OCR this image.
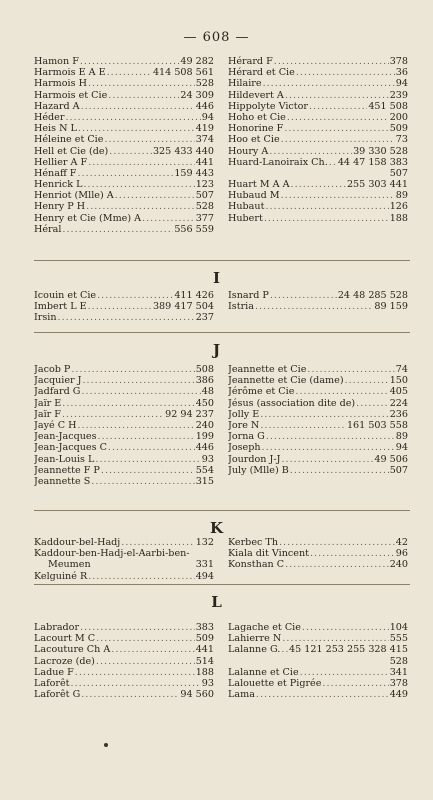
— 608 —
Hamon F .....	49 282
Harmois E A E .....	414 508 561
Harmois H .....	528
Harmois et Cie .....	24 309
Hazard A .....	446
Héder .....	94
Heis N L .....	419
Héleine et Cie .....	374
Hell et Cie (de) .....	325 433 440
Hellier A F .....	441
Hénaff F .....	159 443
Henrick L .....	123
Henriot (Mlle) A .....	507
Henry P H .....	528
Henry et Cie (Mme) A .....	377
Héral .....	556 559
Hérard F .....	378
Hérard et Cie .....	36
Hilaire .....	94
Hildevert A .....	239
Hippolyte Victor .....	451 508
Hoho et Cie .....	200
Honorine F .....	509
Hoo et Cie .....	73
Houry A .....	39 330 528
Huard-Lanoiraix Ch. ..... 44 47 158 383
507
Huart M A A .....	255 303 441
Hubaud M .....	89
Hubaut .....	126
Hubert .....	188
I
Icouin et Cie .....	411 426
Imbert L E .....	389 417 504
Irsin .....	237
Isnard P .....	24 48 285 528
Istria .....	89 159
J
Jacob P .....	508
Jacquier J .....	386
Jadfard G .....	48
Jaïr E .....	450
Jaïr F .....	92 94 237
Jayé C H .....	240
Jean-Jacques .....	199
Jean-Jacques C .....	446
Jean-Louis L .....	93
Jeannette F P .....	554
Jeannette S .....	315
Jeannette et Cie .....	74
Jeannette et Cie (dame) .....	150
Jérôme et Cie .....	405
Jésus (association dite de) .....	224
Jolly E .....	236
Jore N .....	161 503 558
Jorna G .....	89
Joseph .....	94
Jourdon J-J .....	49 506
July (Mlle) B .....	507
K
Kaddour-bel-Hadj .....	132
Kaddour-ben-Hadj-el-Aarbi-ben-
Meumen	331
Kelguiné R .....	494
Kerbec Th .....	42
Kiala dit Vincent .....	96
Konsthan C .....	240
L
Labrador .....	383
Lacourt M C .....	509
Lacouture Ch A .....	441
Lacroze (de) .....	514
Ladue F .....	188
Laforêt .....	93
Laforêt G .....	94 560
Lagache et Cie .....	104
Lahierre N .....	555
Lalanne G. ..... 45 121 253 255 328 415
528
Lalanne et Cie .....	341
Lalouette et Pigrée .....	378
Lama .....	449
